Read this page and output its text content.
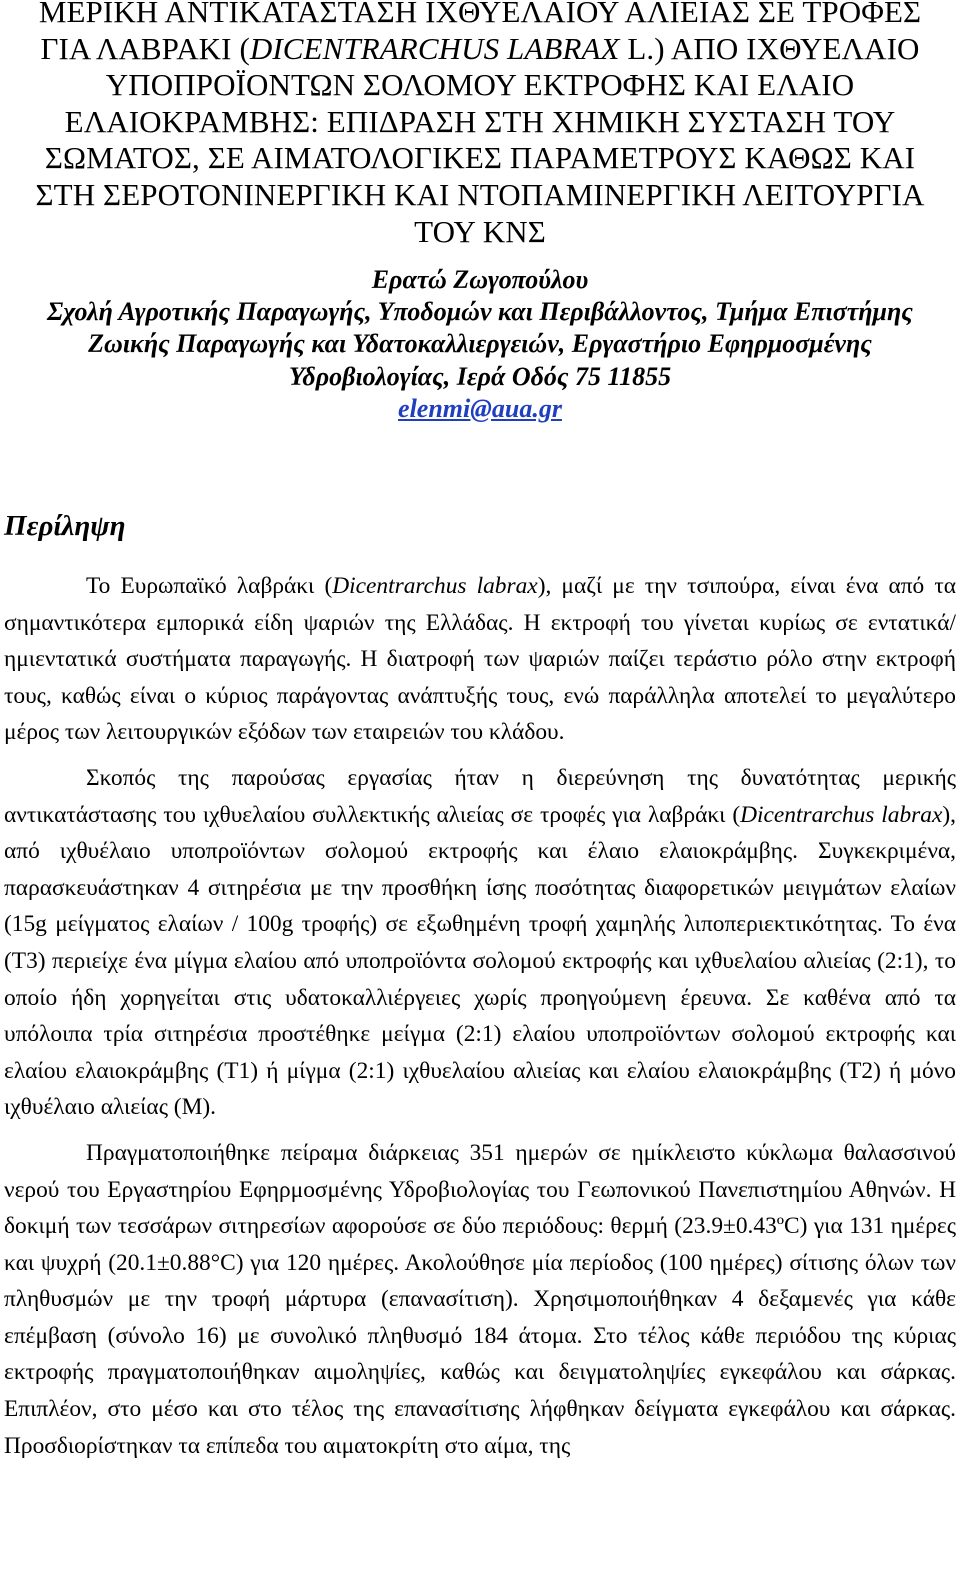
ΜΕΡΙΚΗ ΑΝΤΙΚΑΤΑΣΤΑΣΗ ΙΧΘΥΕΛΑΙΟΥ ΑΛΙΕΙΑΣ ΣΕ ΤΡΟΦΕΣ
ΓΙΑ ΛΑΒΡΑΚΙ (DICENTRARCHUS LABRAX L.) ΑΠΟ ΙΧΘΥΕΛΑΙΟ
ΥΠΟΠΡΟΪΟΝΤΩΝ ΣΟΛΟΜΟΥ ΕΚΤΡΟΦΗΣ ΚΑΙ ΕΛΑΙΟ
ΕΛΑΙΟΚΡΑΜΒΗΣ: ΕΠΙΔΡΑΣΗ ΣΤΗ ΧΗΜΙΚΗ ΣΥΣΤΑΣΗ ΤΟΥ
ΣΩΜΑΤΟΣ, ΣΕ ΑΙΜΑΤΟΛΟΓΙΚΕΣ ΠΑΡΑΜΕΤΡΟΥΣ ΚΑΘΩΣ ΚΑΙ
ΣΤΗ ΣΕΡΟΤΟΝΙΝΕΡΓΙΚΗ ΚΑΙ ΝΤΟΠΑΜΙΝΕΡΓΙΚΗ ΛΕΙΤΟΥΡΓΙΑ
ΤΟΥ ΚΝΣ
Ερατώ Ζωγοπούλου
Σχολή Αγροτικής Παραγωγής, Υποδομών και Περιβάλλοντος, Τμήμα Επιστήμης
Ζωικής Παραγωγής και Υδατοκαλλιεργειών, Εργαστήριο Εφηρμοσμένης
Υδροβιολογίας, Ιερά Οδός 75 11855
elenmi@aua.gr
Περίληψη

Το Ευρωπαϊκό λαβράκι (Dicentrarchus labrax), μαζί με την τσιπούρα, είναι ένα από τα σημαντικότερα εμπορικά είδη ψαριών της Ελλάδας. Η εκτροφή του γίνεται κυρίως σε εντατικά/ημιεντατικά συστήματα παραγωγής. Η διατροφή των ψαριών παίζει τεράστιο ρόλο στην εκτροφή τους, καθώς είναι ο κύριος παράγοντας ανάπτυξής τους, ενώ παράλληλα αποτελεί το μεγαλύτερο μέρος των λειτουργικών εξόδων των εταιρειών του κλάδου.

Σκοπός της παρούσας εργασίας ήταν η διερεύνηση της δυνατότητας μερικής αντικατάστασης του ιχθυελαίου συλλεκτικής αλιείας σε τροφές για λαβράκι (Dicentrarchus labrax), από ιχθυέλαιο υποπροϊόντων σολομού εκτροφής και έλαιο ελαιοκράμβης. Συγκεκριμένα, παρασκευάστηκαν 4 σιτηρέσια με την προσθήκη ίσης ποσότητας διαφορετικών μειγμάτων ελαίων (15g μείγματος ελαίων / 100g τροφής) σε εξωθημένη τροφή χαμηλής λιποπεριεκτικότητας. Το ένα (Τ3) περιείχε ένα μίγμα ελαίου από υποπροϊόντα σολομού εκτροφής και ιχθυελαίου αλιείας (2:1), το οποίο ήδη χορηγείται στις υδατοκαλλιέργειες χωρίς προηγούμενη έρευνα. Σε καθένα από τα υπόλοιπα τρία σιτηρέσια προστέθηκε μείγμα (2:1) ελαίου υποπροϊόντων σολομού εκτροφής και ελαίου ελαιοκράμβης (Τ1) ή μίγμα (2:1) ιχθυελαίου αλιείας και ελαίου ελαιοκράμβης (Τ2) ή μόνο ιχθυέλαιο αλιείας (Μ).

Πραγματοποιήθηκε πείραμα διάρκειας 351 ημερών σε ημίκλειστο κύκλωμα θαλασσινού νερού του Εργαστηρίου Εφηρμοσμένης Υδροβιολογίας του Γεωπονικού Πανεπιστημίου Αθηνών. Η δοκιμή των τεσσάρων σιτηρεσίων αφορούσε σε δύο περιόδους: θερμή (23.9±0.43ºC) για 131 ημέρες και ψυχρή (20.1±0.88°C) για 120 ημέρες. Ακολούθησε μία περίοδος (100 ημέρες) σίτισης όλων των πληθυσμών με την τροφή μάρτυρα (επανασίτιση). Χρησιμοποιήθηκαν 4 δεξαμενές για κάθε επέμβαση (σύνολο 16) με συνολικό πληθυσμό 184 άτομα. Στο τέλος κάθε περιόδου της κύριας εκτροφής πραγματοποιήθηκαν αιμοληψίες, καθώς και δειγματοληψίες εγκεφάλου και σάρκας. Επιπλέον, στο μέσο και στο τέλος της επανασίτισης λήφθηκαν δείγματα εγκεφάλου και σάρκας. Προσδιορίστηκαν τα επίπεδα του αιματοκρίτη στο αίμα, της
